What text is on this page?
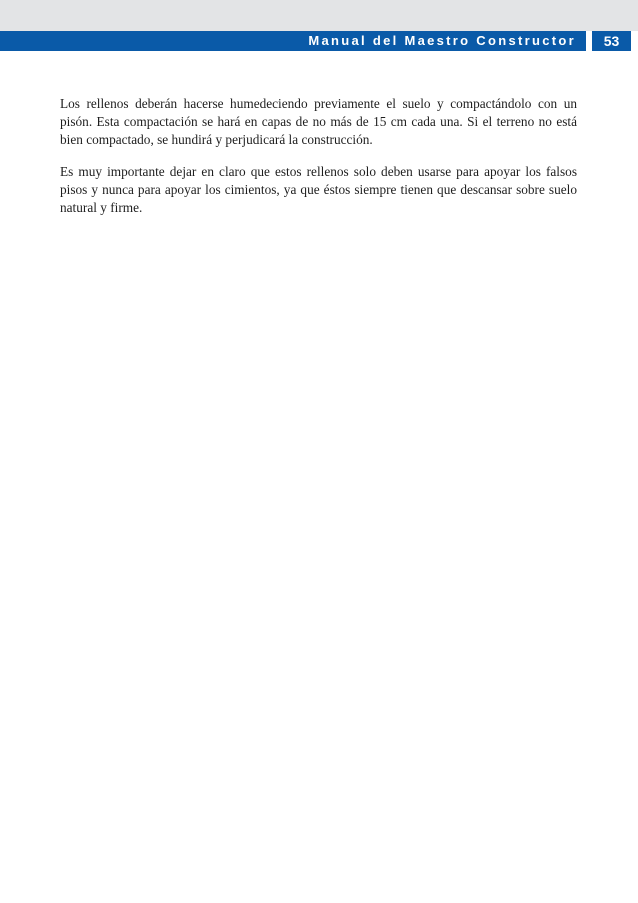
Manual del Maestro Constructor	53

Los rellenos deberán hacerse humedeciendo previamente el suelo y compactándolo con un pisón. Esta compactación se hará en capas de no más de 15 cm cada una. Si el terreno no está bien compactado, se hundirá y perjudicará la construcción.

Es muy importante dejar en claro que estos rellenos solo deben usarse para apoyar los falsos pisos y nunca para apoyar los cimientos, ya que éstos siempre tienen que descansar sobre suelo natural y firme.
